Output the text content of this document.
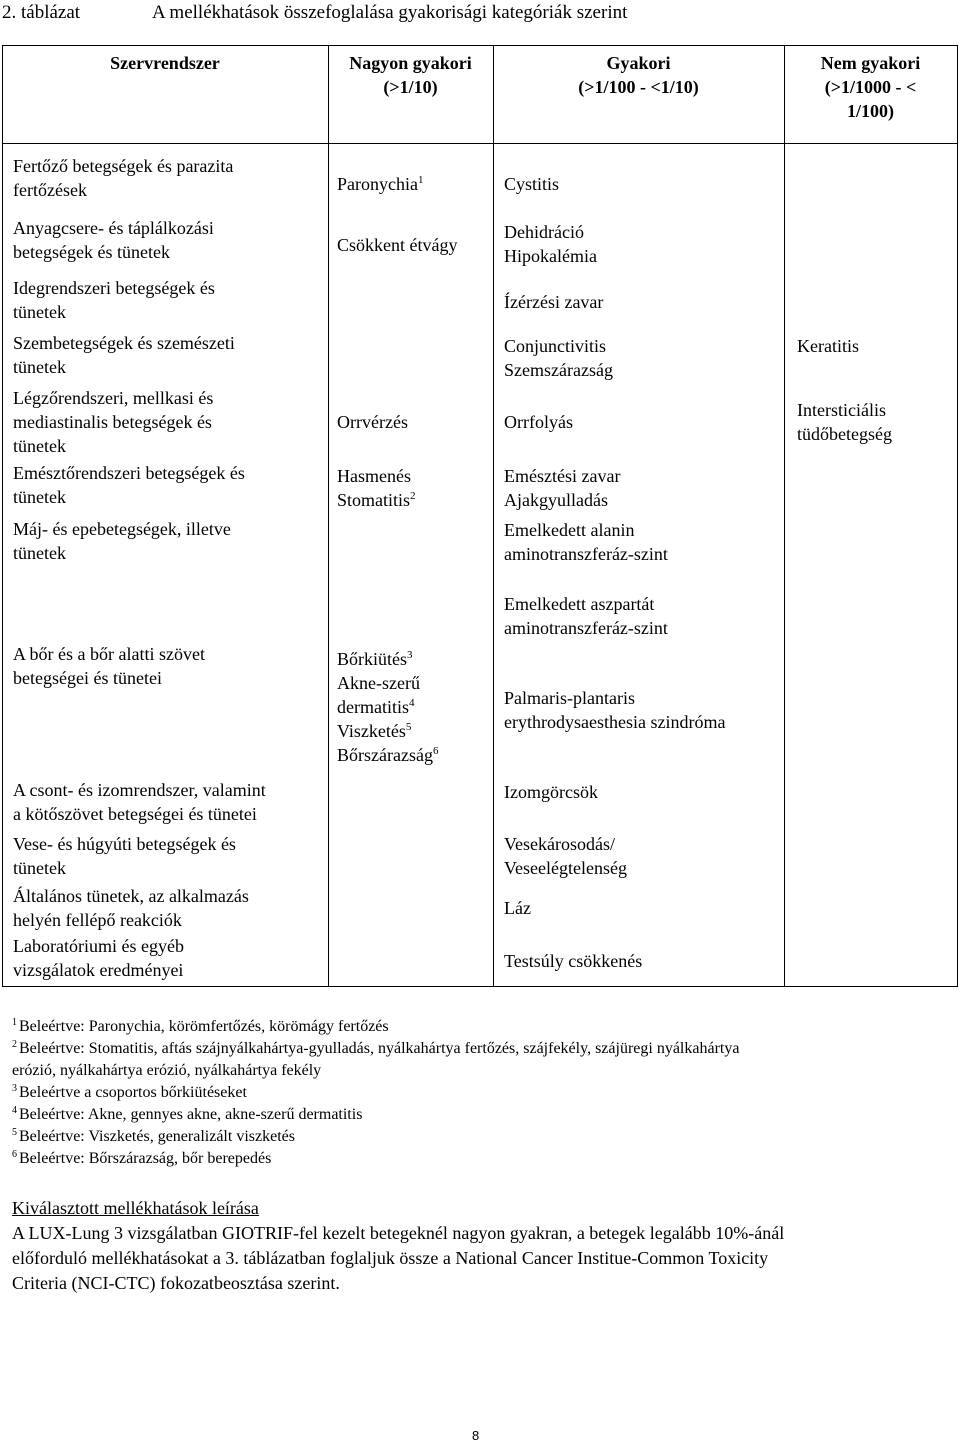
2. táblázat	A mellékhatások összefoglalása gyakorisági kategóriák szerint
Szervrendszer	Nagyon gyakori
(>1/10)
Gyakori
(>1/100 - <1/10)
Nem gyakori
(>1/1000 - <
1/100)
Fertőző betegségek és parazita
fertőzések
Anyagcsere- és táplálkozási
betegségek és tünetek
Idegrendszeri betegségek és
tünetek
Szembetegségek és szemészeti
tünetek
Légzőrendszeri, mellkasi és
mediastinalis betegségek és
tünetek
Emésztőrendszeri betegségek és
tünetek
Máj- és epebetegségek, illetve
tünetek
A bőr és a bőr alatti szövet
betegségei és tünetei
A csont- és izomrendszer, valamint
a kötőszövet betegségei és tünetei
Vese- és húgyúti betegségek és
tünetek
Általános tünetek, az alkalmazás
helyén fellépő reakciók
Laboratóriumi és egyéb
vizsgálatok eredményei
Paronychia$^1$
Csökkent étvágy
Orrvérzés
Hasmenés
Stomatitis$^2$
Bőrkiütés$^3$
Akne-szerű
dermatitis$^4$
Viszketés$^5$
Bőrszárazság$^6$
Cystitis
Dehidráció
Hipokalémia
Ízérzési zavar
Conjunctivitis
Szemszárazság
Orrfolyás
Emésztési zavar
Ajakgyulladás
Emelkedett alanin
aminotranszferáz-szint
Emelkedett aszpartát
aminotranszferáz-szint
Palmaris-plantaris
erythrodysaesthesia szindróma
Izomgörcsök
Vesekárosodás/
Veseelégtelenség
Láz
Testsúly csökkenés
Keratitis
Intersticiális
tüdőbetegség
$^1$ Beleértve: Paronychia, körömfertőzés, körömágy fertőzés
$^2$ Beleértve: Stomatitis, aftás szájnyálkahártya-gyulladás, nyálkahártya fertőzés, szájfekély, szájüregi nyálkahártya
erózió, nyálkahártya erózió, nyálkahártya fekély
$^3$ Beleértve a csoportos bőrkiütéseket
$^4$ Beleértve: Akne, gennyes akne, akne-szerű dermatitis
$^5$ Beleértve: Viszketés, generalizált viszketés
$^6$ Beleértve: Bőrszárazság, bőr berepedés
Kiválasztott mellékhatások leírása
A LUX-Lung 3 vizsgálatban GIOTRIF-fel kezelt betegeknél nagyon gyakran, a betegek legalább 10%-ánál
előforduló mellékhatásokat a 3. táblázatban foglaljuk össze a National Cancer Institue-Common Toxicity
Criteria (NCI-CTC) fokozatbeosztása szerint.
8
